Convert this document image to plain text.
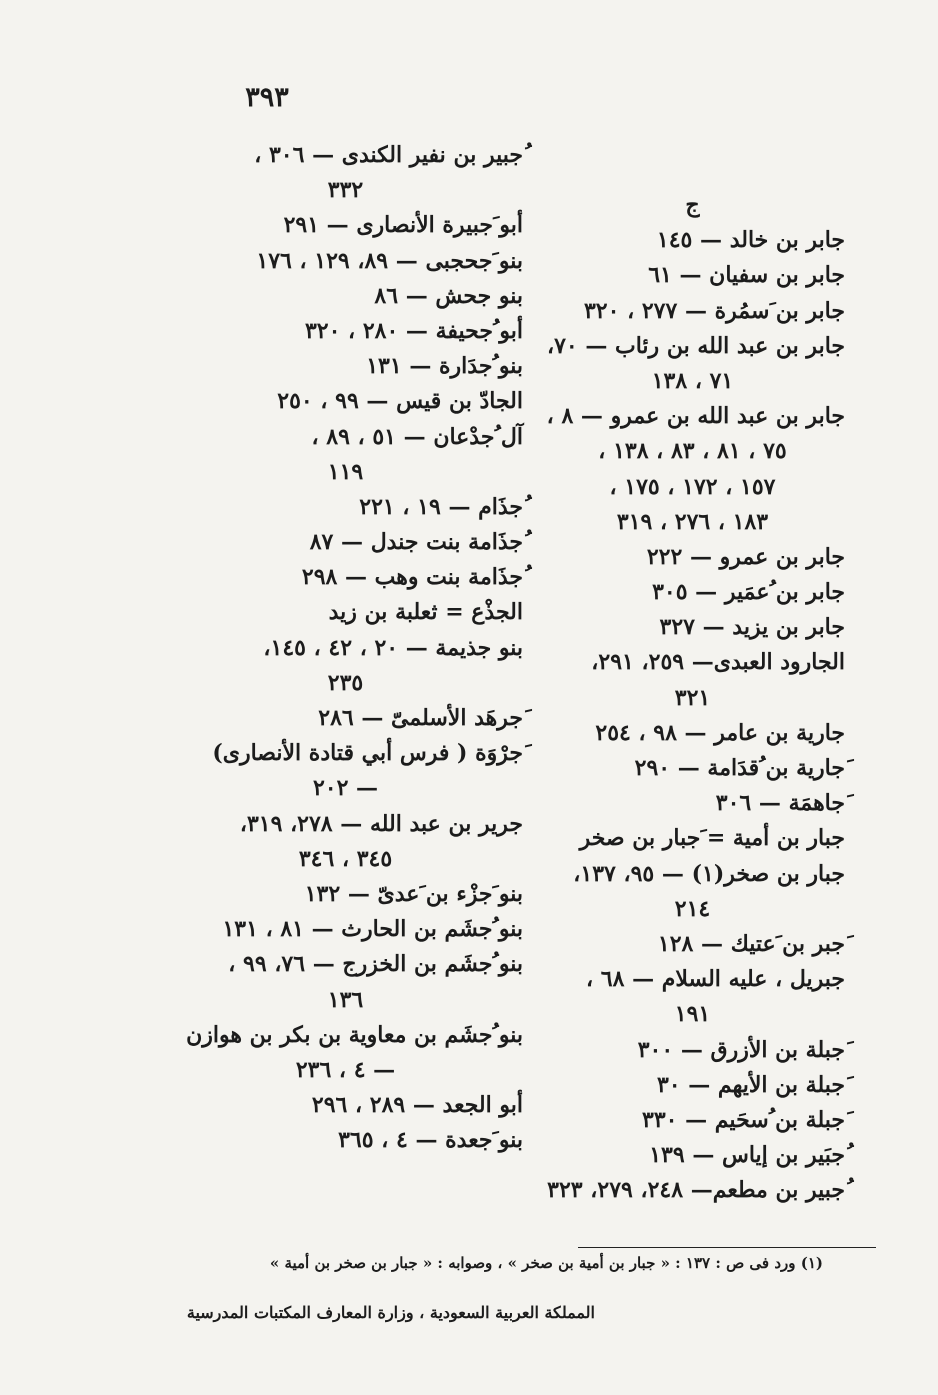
٣٩٣
ُجبير بن نفير الكندى — ٣٠٦ ،
٣٣٢
أبو َجبيرة الأنصارى — ٢٩١
بنو َجحجبى — ٨٩، ١٢٩ ، ١٧٦
بنو جحش — ٨٦
أبو ُجحيفة — ٢٨٠ ، ٣٢٠
بنو ُجدَارة — ١٣١
الجادّ بن قيس — ٩٩ ، ٢٥٠
آل ُجدْعان — ٥١ ، ٨٩ ،
١١٩
ُجذَام — ١٩ ، ٢٢١
ُجذَامة بنت جندل — ٨٧
ُجذَامة بنت وهب — ٢٩٨
الجذْع = ثعلبة بن زيد
بنو جذيمة — ٢٠ ، ٤٢ ، ١٤٥،
٢٣٥
َجرهَد الأسلمىّ — ٢٨٦
َجرْوَة ( فرس أبي قتادة الأنصارى)
— ٢٠٢
جرير بن عبد الله — ٢٧٨، ٣١٩،
٣٤٥ ، ٣٤٦
بنو َجزْء بن َعدىّ — ١٣٢
بنو ُجشَم بن الحارث — ٨١ ، ١٣١
بنو ُجشَم بن الخزرج — ٧٦، ٩٩ ،
١٣٦
بنو ُجشَم بن معاوية بن بكر بن هوازن
— ٤ ، ٢٣٦
أبو الجعد — ٢٨٩ ، ٢٩٦
بنو َجعدة — ٤ ، ٣٦٥
ج
جابر بن خالد — ١٤٥
جابر بن سفيان — ٦١
جابر بن َسمُرة — ٢٧٧ ، ٣٢٠
جابر بن عبد الله بن رئاب — ٧٠،
٧١ ، ١٣٨
جابر بن عبد الله بن عمرو — ٨ ،
٧٥ ، ٨١ ، ٨٣ ، ١٣٨ ،
١٥٧ ، ١٧٢ ، ١٧٥ ،
١٨٣ ، ٢٧٦ ، ٣١٩
جابر بن عمرو — ٢٢٢
جابر بن ُعمَير — ٣٠٥
جابر بن يزيد — ٣٢٧
الجارود العبدى— ٢٥٩، ٢٩١،
٣٢١
جارية بن عامر — ٩٨ ، ٢٥٤
َجارية بن ُقدَامة — ٢٩٠
َجاهمَة — ٣٠٦
جبار بن أمية = َجبار بن صخر
جبار بن صخر(١) — ٩٥، ١٣٧،
٢١٤
َجبر بن َعتيك — ١٢٨
جبريل ، عليه السلام — ٦٨ ،
١٩١
َجبلة بن الأزرق — ٣٠٠
َجبلة بن الأيهم — ٣٠
َجبلة بن ُسحَيم — ٣٣٠
ُجبَير بن إياس — ١٣٩
ُجبير بن مطعم— ٢٤٨، ٢٧٩، ٣٢٣
(١) ورد فى ص : ١٣٧ : « جبار بن أمية بن صخر » ، وصوابه : « جبار بن صخر بن أمية »
المملكة العربية السعودية ، وزارة المعارف المكتبات المدرسية
